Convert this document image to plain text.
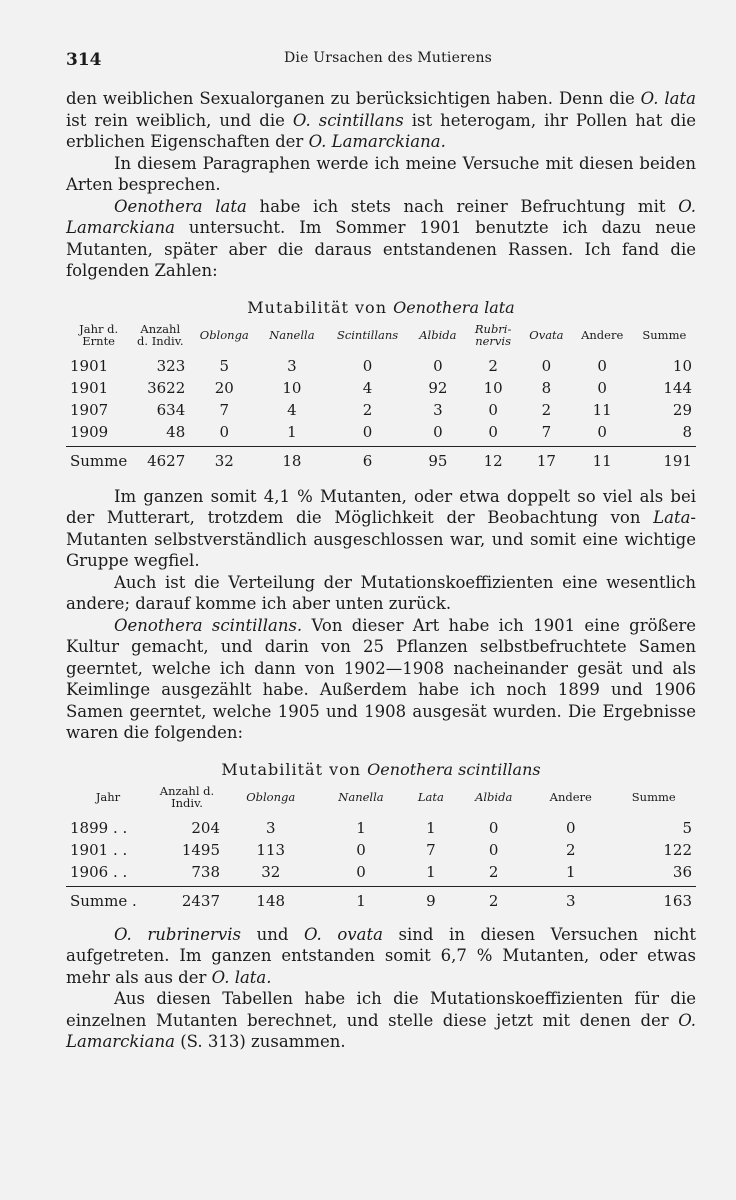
314	Die Ursachen des Mutierens

den weiblichen Sexualorganen zu berücksichtigen haben. Denn die O. lata ist rein weiblich, und die O. scintillans ist heterogam, ihr Pollen hat die erblichen Eigenschaften der O. Lamarckiana.

In diesem Paragraphen werde ich meine Versuche mit diesen beiden Arten besprechen.

Oenothera lata habe ich stets nach reiner Befruchtung mit O. Lamarckiana untersucht. Im Sommer 1901 benutzte ich dazu neue Mutanten, später aber die daraus entstandenen Rassen. Ich fand die folgenden Zahlen:

Mutabilität von Oenothera lata
Jahr d. Ernte	Anzahl d. Indiv.	Oblonga	Nanella	Scintillans	Albida	Rubri-nervis	Ovata	Andere	Summe
1901	323	5	3	0	0	2	0	0	10
1901	3622	20	10	4	92	10	8	0	144
1907	634	7	4	2	3	0	2	11	29
1909	48	0	1	0	0	0	7	0	8
Summe	4627	32	18	6	95	12	17	11	191

Im ganzen somit 4,1 % Mutanten, oder etwa doppelt so viel als bei der Mutterart, trotzdem die Möglichkeit der Beobachtung von Lata-Mutanten selbstverständlich ausgeschlossen war, und somit eine wichtige Gruppe wegfiel.

Auch ist die Verteilung der Mutationskoeffizienten eine wesentlich andere; darauf komme ich aber unten zurück.

Oenothera scintillans. Von dieser Art habe ich 1901 eine größere Kultur gemacht, und darin von 25 Pflanzen selbstbefruchtete Samen geerntet, welche ich dann von 1902—1908 nacheinander gesät und als Keimlinge ausgezählt habe. Außerdem habe ich noch 1899 und 1906 Samen geerntet, welche 1905 und 1908 ausgesät wurden. Die Ergebnisse waren die folgenden:

Mutabilität von Oenothera scintillans
Jahr	Anzahl d. Indiv.	Oblonga	Nanella	Lata	Albida	Andere	Summe
1899 . .	204	3	1	1	0	0	5
1901 . .	1495	113	0	7	0	2	122
1906 . .	738	32	0	1	2	1	36
Summe .	2437	148	1	9	2	3	163

O. rubrinervis und O. ovata sind in diesen Versuchen nicht aufgetreten. Im ganzen entstanden somit 6,7 % Mutanten, oder etwas mehr als aus der O. lata.

Aus diesen Tabellen habe ich die Mutationskoeffizienten für die einzelnen Mutanten berechnet, und stelle diese jetzt mit denen der O. Lamarckiana (S. 313) zusammen.
